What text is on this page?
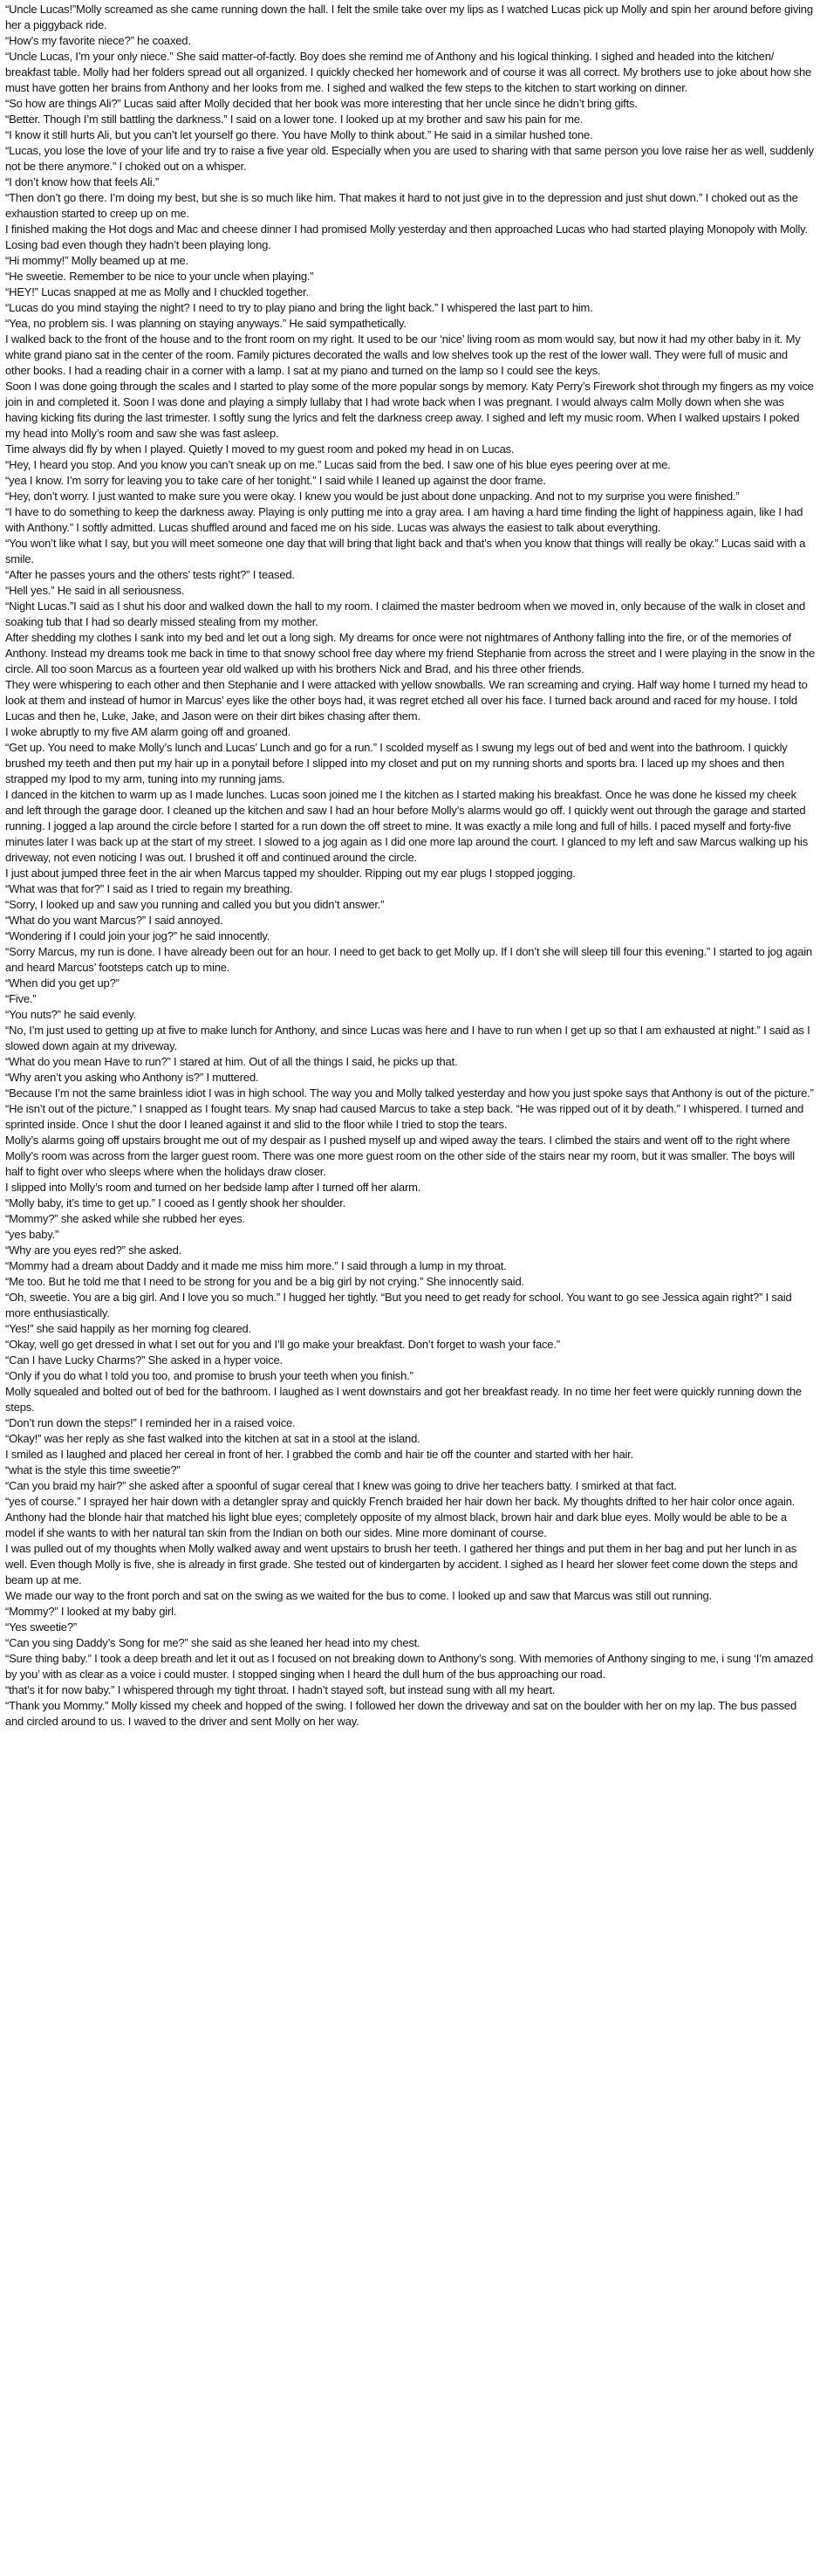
“Uncle Lucas!”Molly screamed as she came running down the hall. I felt the smile take over my lips as I watched Lucas pick up Molly and spin her around before giving her a piggyback ride.

“How’s my favorite niece?” he coaxed.

“Uncle Lucas, I’m your only niece.” She said matter-of-factly. Boy does she remind me of Anthony and his logical thinking. I sighed and headed into the kitchen/ breakfast table. Molly had her folders spread out all organized. I quickly checked her homework and of course it was all correct. My brothers use to joke about how she must have gotten her brains from Anthony and her looks from me. I sighed and walked the few steps to the kitchen to start working on dinner.

“So how are things Ali?” Lucas said after Molly decided that her book was more interesting that her uncle since he didn’t bring gifts.

“Better. Though I’m still battling the darkness.” I said on a lower tone. I looked up at my brother and saw his pain for me.

“I know it still hurts Ali, but you can’t let yourself go there. You have Molly to think about.” He said in a similar hushed tone.

“Lucas, you lose the love of your life and try to raise a five year old. Especially when you are used to sharing with that same person you love raise her as well, suddenly not be there anymore.” I choked out on a whisper.

“I don’t know how that feels Ali.”

“Then don’t go there. I’m doing my best, but she is so much like him. That makes it hard to not just give in to the depression and just shut down.” I choked out as the exhaustion started to creep up on me.

I finished making the Hot dogs and Mac and cheese dinner I had promised Molly yesterday and then approached Lucas who had started playing Monopoly with Molly. Losing bad even though they hadn’t been playing long.

“Hi mommy!” Molly beamed up at me.

“He sweetie. Remember to be nice to your uncle when playing.”

“HEY!” Lucas snapped at me as Molly and I chuckled together.

“Lucas do you mind staying the night? I need to try to play piano and bring the light back.” I whispered the last part to him.

“Yea, no problem sis. I was planning on staying anyways.” He said sympathetically.

I walked back to the front of the house and to the front room on my right. It used to be our ‘nice’ living room as mom would say, but now it had my other baby in it. My white grand piano sat in the center of the room. Family pictures decorated the walls and low shelves took up the rest of the lower wall. They were full of music and other books. I had a reading chair in a corner with a lamp. I sat at my piano and turned on the lamp so I could see the keys.

Soon I was done going through the scales and I started to play some of the more popular songs by memory. Katy Perry’s Firework shot through my fingers as my voice join in and completed it. Soon I was done and playing a simply lullaby that I had wrote back when I was pregnant. I would always calm Molly down when she was having kicking fits during the last trimester. I softly sung the lyrics and felt the darkness creep away. I sighed and left my music room. When I walked upstairs I poked my head into Molly’s room and saw she was fast asleep.

Time always did fly by when I played. Quietly I moved to my guest room and poked my head in on Lucas.

“Hey, I heard you stop. And you know you can’t sneak up on me.” Lucas said from the bed. I saw one of his blue eyes peering over at me.

“yea I know. I’m sorry for leaving you to take care of her tonight.” I said while I leaned up against the door frame.

“Hey, don’t worry. I just wanted to make sure you were okay. I knew you would be just about done unpacking. And not to my surprise you were finished.”

“I have to do something to keep the darkness away. Playing is only putting me into a gray area. I am having a hard time finding the light of happiness again, like I had with Anthony.” I softly admitted. Lucas shuffled around and faced me on his side. Lucas was always the easiest to talk about everything.

“You won’t like what I say, but you will meet someone one day that will bring that light back and that’s when you know that things will really be okay.” Lucas said with a smile.

“After he passes yours and the others’ tests right?” I teased.

“Hell yes.” He said in all seriousness.

“Night Lucas.”I said as I shut his door and walked down the hall to my room. I claimed the master bedroom when we moved in, only because of the walk in closet and soaking tub that I had so dearly missed stealing from my mother.

After shedding my clothes I sank into my bed and let out a long sigh. My dreams for once were not nightmares of Anthony falling into the fire, or of the memories of Anthony. Instead my dreams took me back in time to that snowy school free day where my friend Stephanie from across the street and I were playing in the snow in the circle. All too soon Marcus as a fourteen year old walked up with his brothers Nick and Brad, and his three other friends.

They were whispering to each other and then Stephanie and I were attacked with yellow snowballs. We ran screaming and crying. Half way home I turned my head to look at them and instead of humor in Marcus’ eyes like the other boys had, it was regret etched all over his face. I turned back around and raced for my house. I told Lucas and then he, Luke, Jake, and Jason were on their dirt bikes chasing after them.

I woke abruptly to my five AM alarm going off and groaned.

“Get up. You need to make Molly’s lunch and Lucas’ Lunch and go for a run.” I scolded myself as I swung my legs out of bed and went into the bathroom. I quickly brushed my teeth and then put my hair up in a ponytail before I slipped into my closet and put on my running shorts and sports bra. I laced up my shoes and then strapped my Ipod to my arm, tuning into my running jams.

I danced in the kitchen to warm up as I made lunches. Lucas soon joined me I the kitchen as I started making his breakfast. Once he was done he kissed my cheek and left through the garage door. I cleaned up the kitchen and saw I had an hour before Molly’s alarms would go off. I quickly went out through the garage and started running. I jogged a lap around the circle before I started for a run down the off street to mine. It was exactly a mile long and full of hills. I paced myself and forty-five minutes later I was back up at the start of my street. I slowed to a jog again as I did one more lap around the court. I glanced to my left and saw Marcus walking up his driveway, not even noticing I was out. I brushed it off and continued around the circle.

I just about jumped three feet in the air when Marcus tapped my shoulder. Ripping out my ear plugs I stopped jogging.

“What was that for?” I said as I tried to regain my breathing.

“Sorry, I looked up and saw you running and called you but you didn’t answer.”

“What do you want Marcus?” I said annoyed.

“Wondering if I could join your jog?” he said innocently.

“Sorry Marcus, my run is done. I have already been out for an hour. I need to get back to get Molly up. If I don’t she will sleep till four this evening.” I started to jog again and heard Marcus’ footsteps catch up to mine.

“When did you get up?”

“Five.”

“You nuts?” he said evenly.

“No, I’m just used to getting up at five to make lunch for Anthony, and since Lucas was here and I have to run when I get up so that I am exhausted at night.” I said as I slowed down again at my driveway.

“What do you mean Have to run?” I stared at him. Out of all the things I said, he picks up that.

“Why aren’t you asking who Anthony is?” I muttered.

“Because I’m not the same brainless idiot I was in high school. The way you and Molly talked yesterday and how you just spoke says that Anthony is out of the picture.”

“He isn’t out of the picture.” I snapped as I fought tears. My snap had caused Marcus to take a step back. “He was ripped out of it by death.” I whispered. I turned and sprinted inside. Once I shut the door I leaned against it and slid to the floor while I tried to stop the tears.

Molly’s alarms going off upstairs brought me out of my despair as I pushed myself up and wiped away the tears. I climbed the stairs and went off to the right where Molly’s room was across from the larger guest room. There was one more guest room on the other side of the stairs near my room, but it was smaller. The boys will half to fight over who sleeps where when the holidays draw closer.

I slipped into Molly’s room and turned on her bedside lamp after I turned off her alarm.

“Molly baby, it’s time to get up.” I cooed as I gently shook her shoulder.

“Mommy?” she asked while she rubbed her eyes.

“yes baby.”

“Why are you eyes red?” she asked.

“Mommy had a dream about Daddy and it made me miss him more.” I said through a lump in my throat.

“Me too. But he told me that I need to be strong for you and be a big girl by not crying.” She innocently said.

“Oh, sweetie. You are a big girl. And I love you so much.” I hugged her tightly. “But you need to get ready for school. You want to go see Jessica again right?” I said more enthusiastically.

“Yes!” she said happily as her morning fog cleared.

“Okay, well go get dressed in what I set out for you and I’ll go make your breakfast. Don’t forget to wash your face.”

“Can I have Lucky Charms?” She asked in a hyper voice.

“Only if you do what I told you too, and promise to brush your teeth when you finish.”

Molly squealed and bolted out of bed for the bathroom. I laughed as I went downstairs and got her breakfast ready. In no time her feet were quickly running down the steps.

“Don’t run down the steps!” I reminded her in a raised voice.

“Okay!” was her reply as she fast walked into the kitchen at sat in a stool at the island.

I smiled as I laughed and placed her cereal in front of her. I grabbed the comb and hair tie off the counter and started with her hair.

“what is the style this time sweetie?”

“Can you braid my hair?” she asked after a spoonful of sugar cereal that I knew was going to drive her teachers batty. I smirked at that fact.

“yes of course.” I sprayed her hair down with a detangler spray and quickly French braided her hair down her back. My thoughts drifted to her hair color once again. Anthony had the blonde hair that matched his light blue eyes; completely opposite of my almost black, brown hair and dark blue eyes. Molly would be able to be a model if she wants to with her natural tan skin from the Indian on both our sides. Mine more dominant of course.

I was pulled out of my thoughts when Molly walked away and went upstairs to brush her teeth. I gathered her things and put them in her bag and put her lunch in as well. Even though Molly is five, she is already in first grade. She tested out of kindergarten by accident. I sighed as I heard her slower feet come down the steps and beam up at me.

We made our way to the front porch and sat on the swing as we waited for the bus to come. I looked up and saw that Marcus was still out running.

“Mommy?” I looked at my baby girl.

“Yes sweetie?”

“Can you sing Daddy’s Song for me?” she said as she leaned her head into my chest.

“Sure thing baby.” I took a deep breath and let it out as I focused on not breaking down to Anthony’s song. With memories of Anthony singing to me, i sung ‘I’m amazed by you’ with as clear as a voice i could muster. I stopped singing when I heard the dull hum of the bus approaching our road.

“that’s it for now baby.” I whispered through my tight throat. I hadn’t stayed soft, but instead sung with all my heart.

“Thank you Mommy.” Molly kissed my cheek and hopped of the swing. I followed her down the driveway and sat on the boulder with her on my lap. The bus passed and circled around to us. I waved to the driver and sent Molly on her way.
